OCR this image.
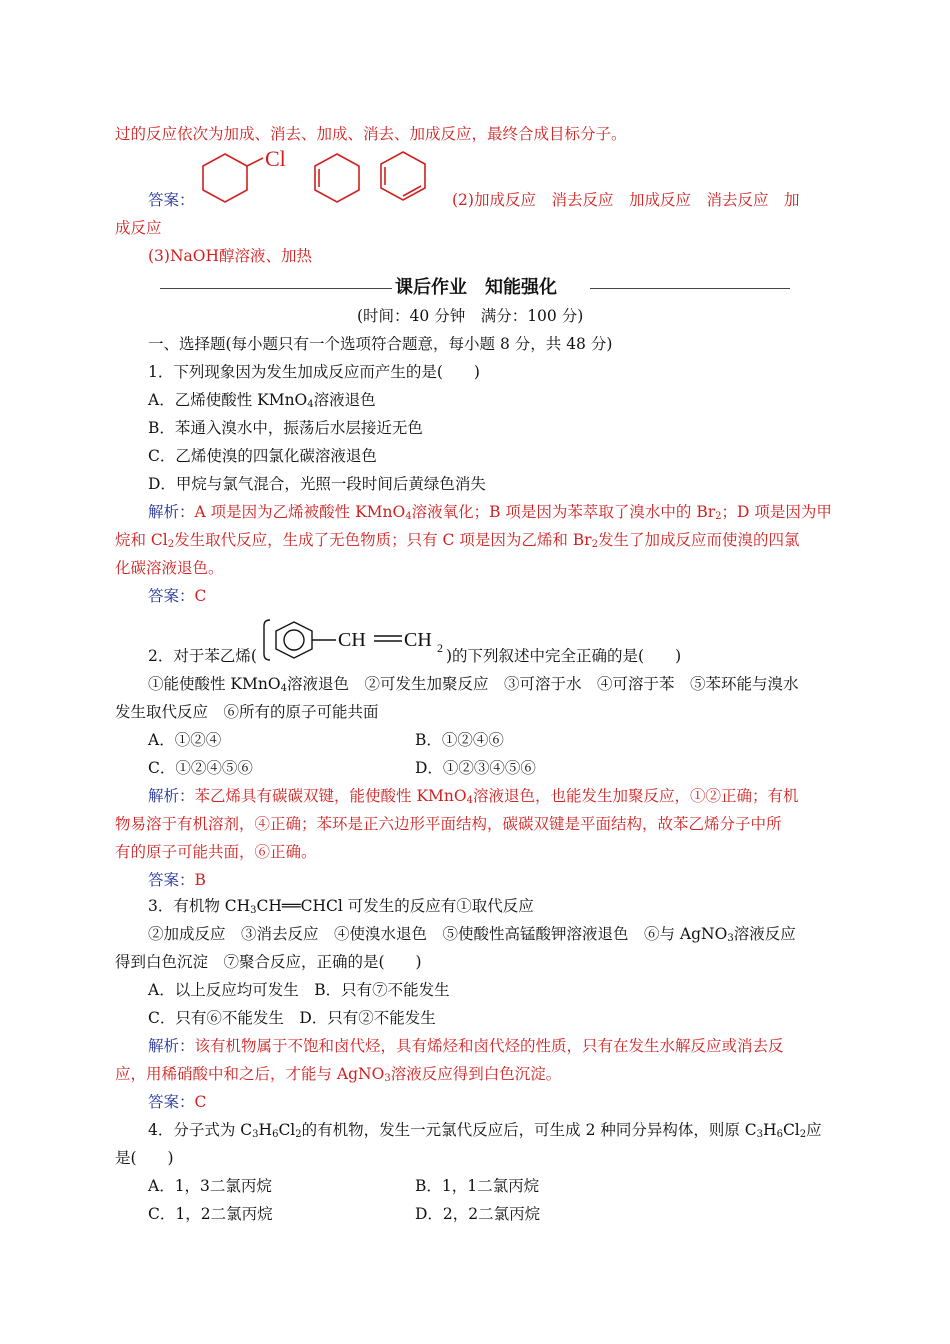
过的反应依次为加成、消去、加成、消去、加成反应，最终合成目标分子。
Cl
答案：	(2)加成反应　消去反应　加成反应　消去反应　加
成反应
(3)NaOH醇溶液、加热
课后作业　知能强化
(时间：40 分钟　满分：100 分)
一、选择题(每小题只有一个选项符合题意，每小题 8 分，共 48 分)
1．下列现象因为发生加成反应而产生的是(　　)
A．乙烯使酸性 KMnO$_4$溶液退色
B．苯通入溴水中，振荡后水层接近无色
C．乙烯使溴的四氯化碳溶液退色
D．甲烷与氯气混合，光照一段时间后黄绿色消失
解析：A 项是因为乙烯被酸性 KMnO$_4$溶液氧化；B 项是因为苯萃取了溴水中的 $Br_2$；D 项是因为甲
烷和 $Cl_2$发生取代反应，生成了无色物质；只有 C 项是因为乙烯和 $Br_2$发生了加成反应而使溴的四氯
化碳溶液退色。
答案：C
CH CH 2
2．对于苯乙烯(	)的下列叙述中完全正确的是(　　)
①能使酸性 KMnO$_4$溶液退色　②可发生加聚反应　③可溶于水　④可溶于苯　⑤苯环能与溴水
发生取代反应　⑥所有的原子可能共面
A．①②④	B．①②④⑥
C．①②④⑤⑥	D．①②③④⑤⑥
解析：苯乙烯具有碳碳双键，能使酸性 KMnO$_4$溶液退色，也能发生加聚反应，①②正确；有机
物易溶于有机溶剂，④正确；苯环是正六边形平面结构，碳碳双键是平面结构，故苯乙烯分子中所
有的原子可能共面，⑥正确。
答案：B
3．有机物 $CH_3CH══CHCl$ 可发生的反应有①取代反应
②加成反应　③消去反应　④使溴水退色　⑤使酸性高锰酸钾溶液退色　⑥与 AgNO$_3$溶液反应
得到白色沉淀　⑦聚合反应，正确的是(　　)
A．以上反应均可发生　B．只有⑦不能发生
C．只有⑥不能发生　D．只有②不能发生
解析：该有机物属于不饱和卤代烃，具有烯烃和卤代烃的性质，只有在发生水解反应或消去反
应，用稀硝酸中和之后，才能与 AgNO$_3$溶液反应得到白色沉淀。
答案：C
4．分子式为 $C_3H_6Cl_2$的有机物，发生一元氯代反应后，可生成 2 种同分异构体，则原 $C_3H_6Cl_2$应
是(　　)
A．1，3二氯丙烷	B．1，1二氯丙烷
C．1，2二氯丙烷	D．2，2二氯丙烷
